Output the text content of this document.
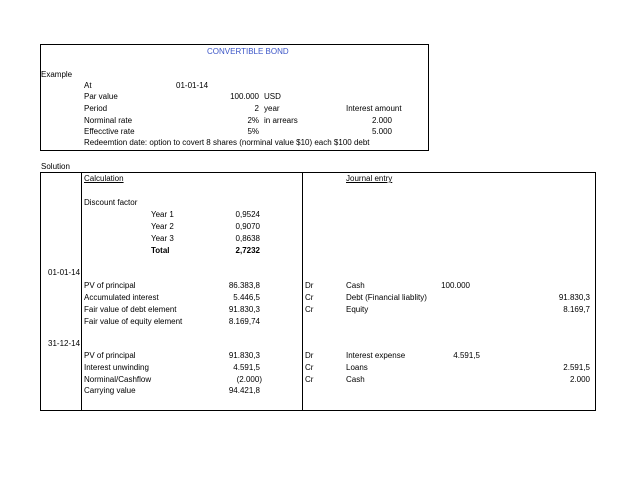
CONVERTIBLE BOND
Example
At	01-01-14
Par value	100.000 USD
Period	2 year	Interest amount
Norminal rate	2% in arrears	2.000
Effecctive rate	5%	5.000
Redeemtion date: option to covert 8 shares (norminal value $10) each $100 debt
Solution
Calculation	Journal entry
Discount factor
Year 1	0,9524
Year 2	0,9070
Year 3	0,8638
Total	2,7232
01-01-14
PV of principal	86.383,8	Dr	Cash	100.000
Accumulated interest	5.446,5	Cr	Debt (Financial liablity)	91.830,3
Fair value of debt element	91.830,3	Cr	Equity	8.169,7
Fair value of equity element	8.169,74
31-12-14
PV of principal	91.830,3	Dr	Interest expense	4.591,5
Interest unwinding	4.591,5	Cr	Loans	2.591,5
Norminal/Cashflow	(2.000)	Cr	Cash	2.000
Carrying value	94.421,8
